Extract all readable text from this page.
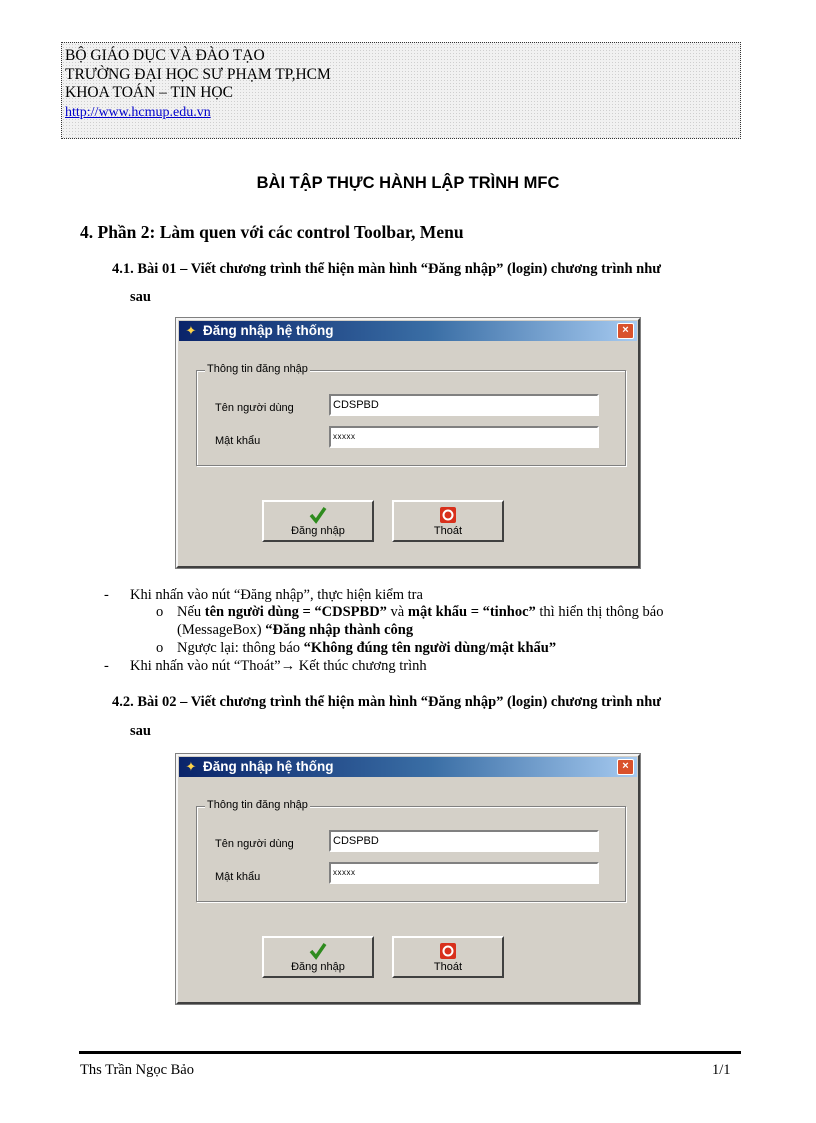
BỘ GIÁO DỤC VÀ ĐÀO TẠO
TRƯỜNG ĐẠI HỌC SƯ PHẠM TP,HCM
KHOA TOÁN – TIN HỌC
http://www.hcmup.edu.vn
BÀI TẬP THỰC HÀNH LẬP TRÌNH MFC
4. Phần 2: Làm quen với các control Toolbar, Menu
4.1. Bài 01 – Viết chương trình thể hiện màn hình “Đăng nhập” (login) chương trình như
sau
✦ Đăng nhập hệ thống	×
Thông tin đăng nhập
Tên người dùng	CDSPBD
Mật khẩu	xxxxx
Đăng nhập	Thoát
- Khi nhấn vào nút “Đăng nhập”, thực hiện kiểm tra
o Nếu tên người dùng = “CDSPBD” và mật khẩu = “tinhoc” thì hiển thị thông báo
(MessageBox) “Đăng nhập thành công
o Ngược lại: thông báo “Không đúng tên người dùng/mật khẩu”
- Khi nhấn vào nút “Thoát”→ Kết thúc chương trình
4.2. Bài 02 – Viết chương trình thể hiện màn hình “Đăng nhập” (login) chương trình như
sau
✦ Đăng nhập hệ thống	×
Thông tin đăng nhập
Tên người dùng	CDSPBD
Mật khẩu	xxxxx
Đăng nhập	Thoát
Ths Trần Ngọc Bảo	1/1
